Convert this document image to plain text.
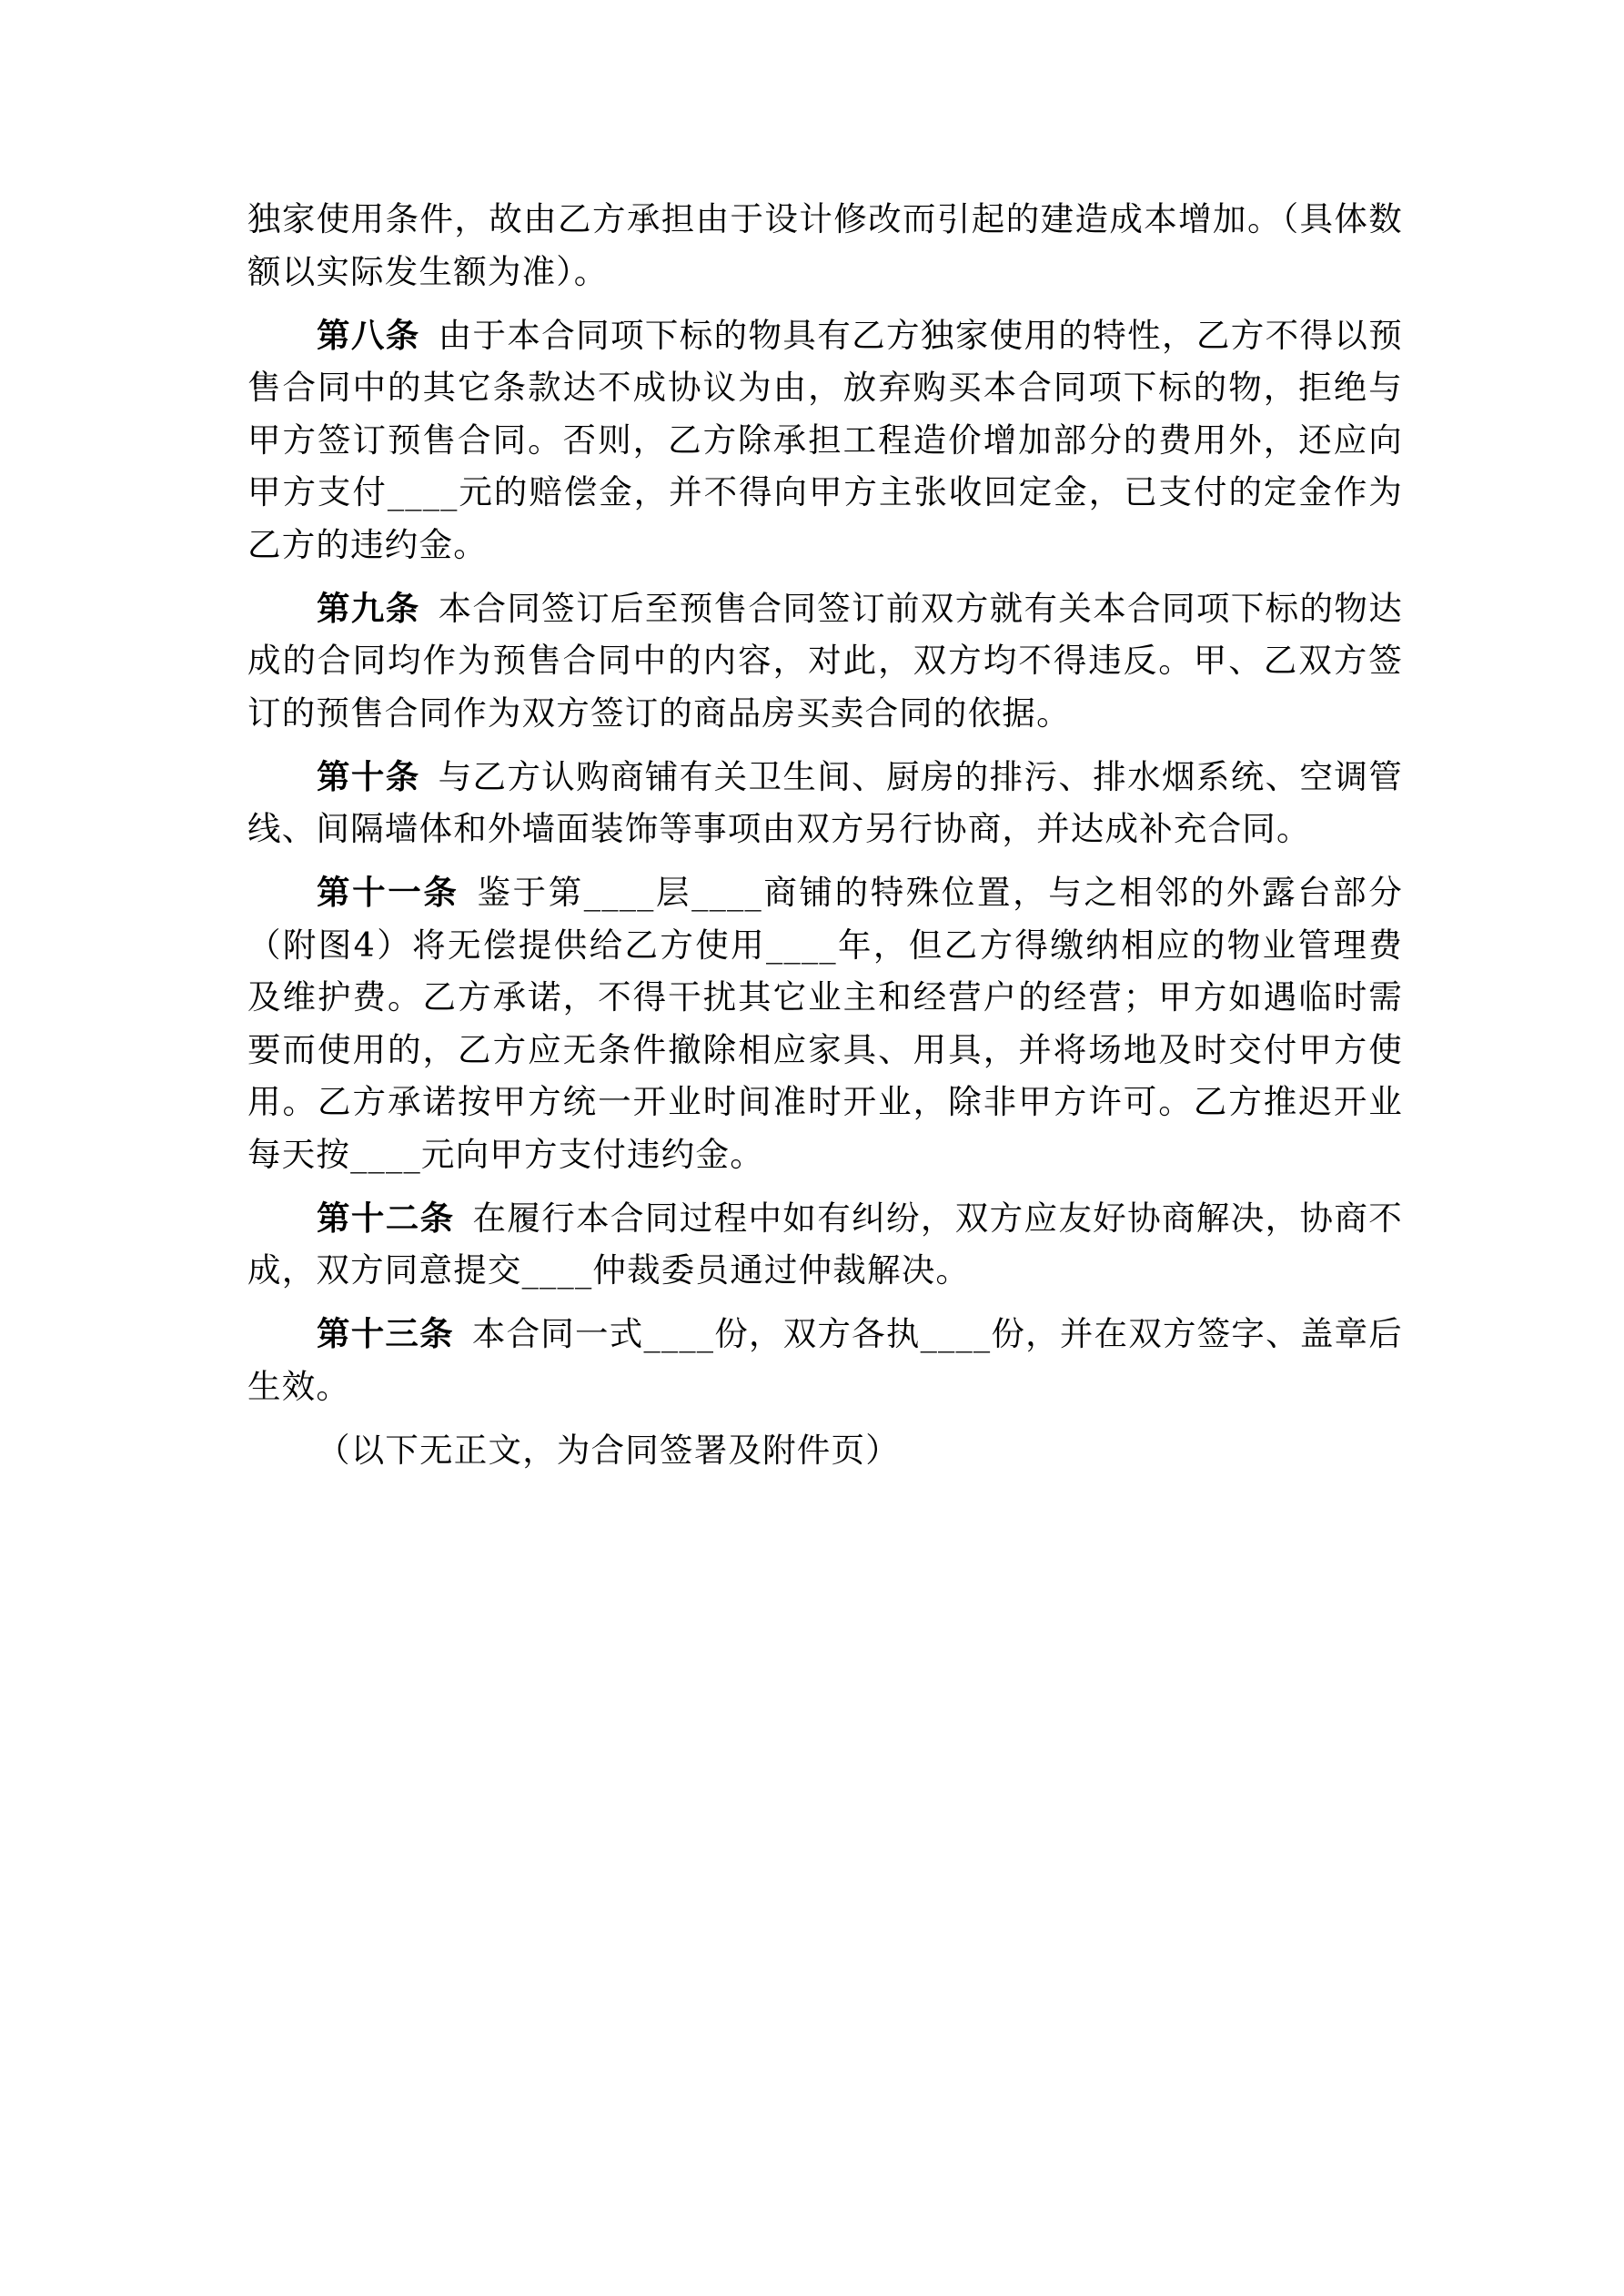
独家使用条件，故由乙方承担由于设计修改而引起的建造成本增加。（具体数额以实际发生额为准）。

第八条 由于本合同项下标的物具有乙方独家使用的特性，乙方不得以预售合同中的其它条款达不成协议为由，放弃购买本合同项下标的物，拒绝与甲方签订预售合同。否则，乙方除承担工程造价增加部分的费用外，还应向甲方支付____元的赔偿金，并不得向甲方主张收回定金，已支付的定金作为乙方的违约金。

第九条 本合同签订后至预售合同签订前双方就有关本合同项下标的物达成的合同均作为预售合同中的内容，对此，双方均不得违反。甲、乙双方签订的预售合同作为双方签订的商品房买卖合同的依据。

第十条 与乙方认购商铺有关卫生间、厨房的排污、排水烟系统、空调管线、间隔墙体和外墙面装饰等事项由双方另行协商，并达成补充合同。

第十一条 鉴于第____层____商铺的特殊位置，与之相邻的外露台部分（附图4）将无偿提供给乙方使用____年，但乙方得缴纳相应的物业管理费及维护费。乙方承诺，不得干扰其它业主和经营户的经营；甲方如遇临时需要而使用的，乙方应无条件撤除相应家具、用具，并将场地及时交付甲方使用。乙方承诺按甲方统一开业时间准时开业，除非甲方许可。乙方推迟开业每天按____元向甲方支付违约金。

第十二条 在履行本合同过程中如有纠纷，双方应友好协商解决，协商不成，双方同意提交____仲裁委员通过仲裁解决。

第十三条 本合同一式____份，双方各执____份，并在双方签字、盖章后生效。

（以下无正文，为合同签署及附件页）
